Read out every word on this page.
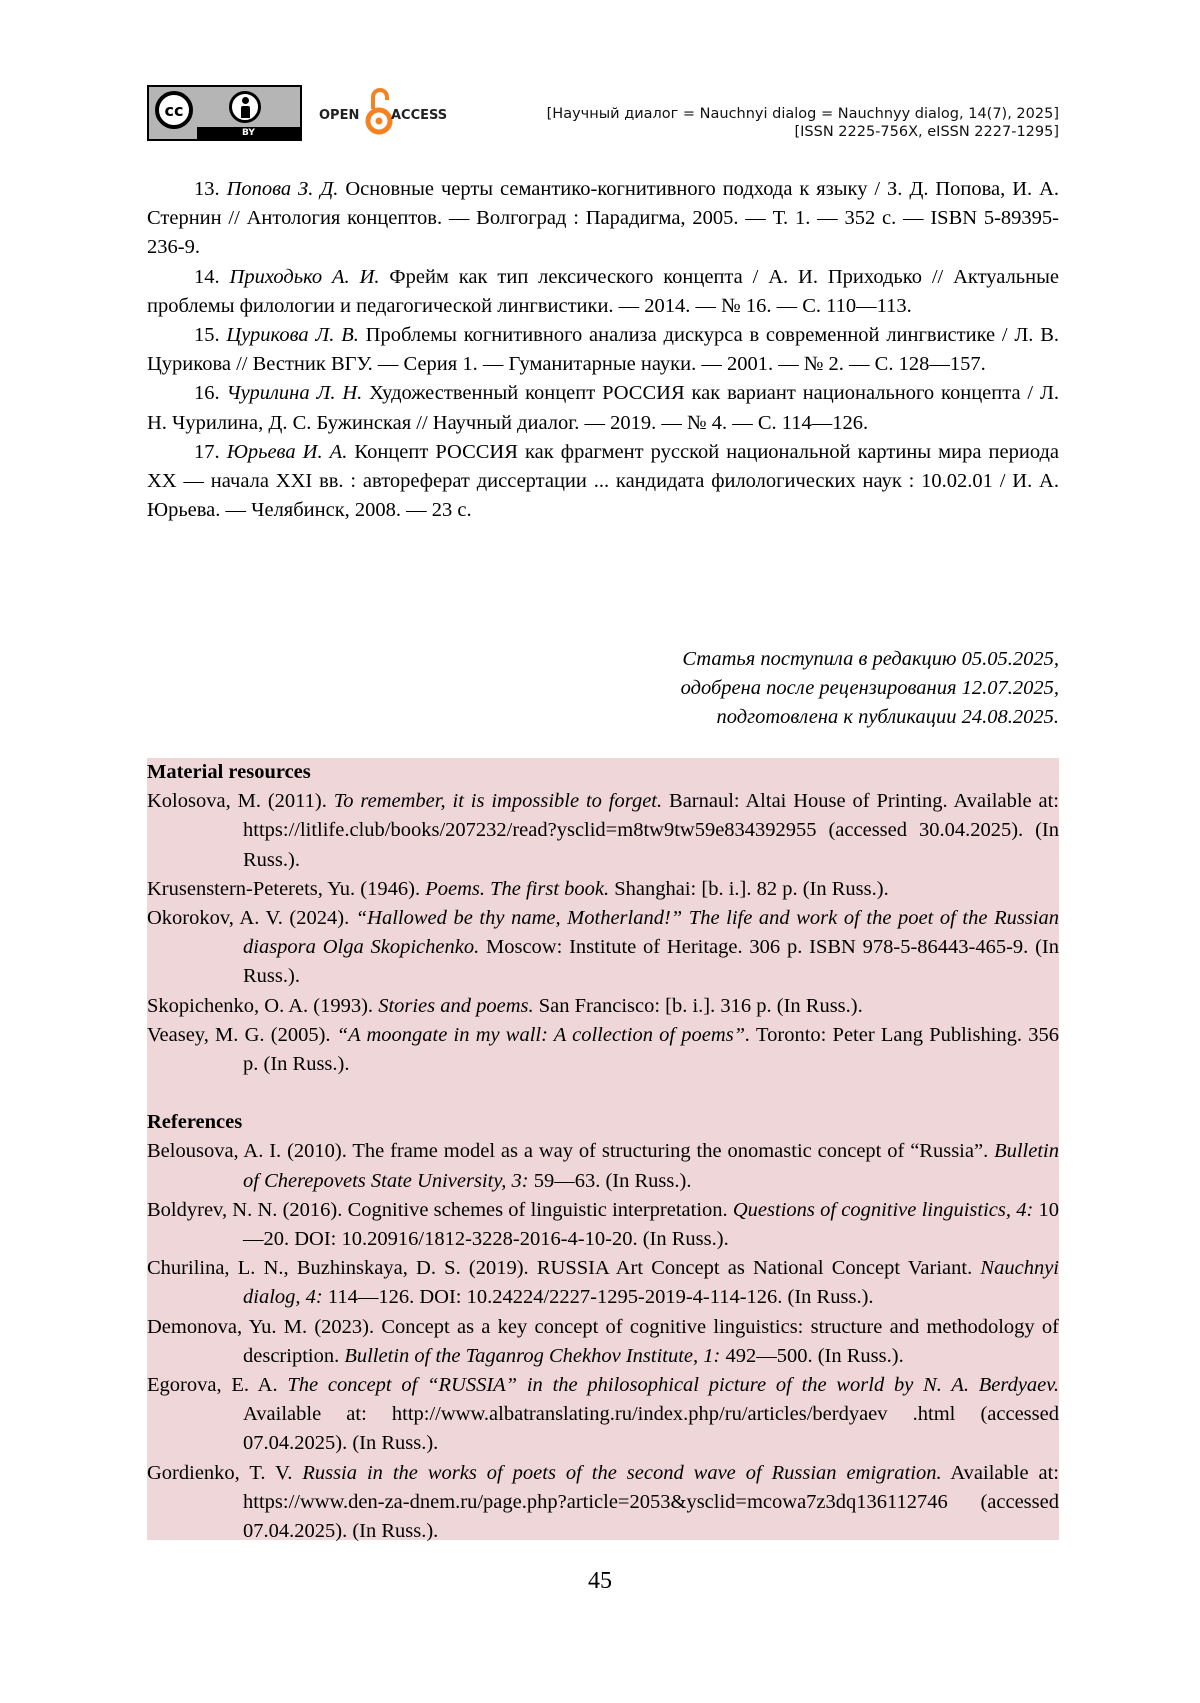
cc
BY
OPEN ACCESS	[Научный диалог = Nauchnyi dialog = Nauchnyy dialog, 14(7), 2025]
[ISSN 2225-756X, eISSN 2227-1295]

13. Попова З. Д. Основные черты семантико-когнитивного подхода к языку / З. Д. Попова, И. А. Стернин // Антология концептов. — Волгоград : Парадигма, 2005. — Т. 1. — 352 с. — ISBN 5-89395-236-9.

14. Приходько А. И. Фрейм как тип лексического концепта / А. И. Приходько // Актуальные проблемы филологии и педагогической лингвистики. — 2014. — № 16. — С. 110—113.

15. Цурикова Л. В. Проблемы когнитивного анализа дискурса в современной лингвистике / Л. В. Цурикова // Вестник ВГУ. — Серия 1. — Гуманитарные науки. — 2001. — № 2. — С. 128—157.

16. Чурилина Л. Н. Художественный концепт РОССИЯ как вариант национального концепта / Л. Н. Чурилина, Д. С. Бужинская // Научный диалог. — 2019. — № 4. — С. 114—126.

17. Юрьева И. А. Концепт РОССИЯ как фрагмент русской национальной картины мира периода XX — начала XXI вв. : автореферат диссертации ... кандидата филологических наук : 10.02.01 / И. А. Юрьева. — Челябинск, 2008. — 23 с.

Статья поступила в редакцию 05.05.2025,
одобрена после рецензирования 12.07.2025,
подготовлена к публикации 24.08.2025.

Material resources

Kolosova, M. (2011). To remember, it is impossible to forget. Barnaul: Altai House of Printing. Available at: https://litlife.club/books/207232/read?ysclid=m8tw9tw59e834392955 (accessed 30.04.2025). (In Russ.).

Krusenstern-Peterets, Yu. (1946). Poems. The first book. Shanghai: [b. i.]. 82 p. (In Russ.).

Okorokov, A. V. (2024). “Hallowed be thy name, Motherland!” The life and work of the poet of the Russian diaspora Olga Skopichenko. Moscow: Institute of Heritage. 306 p. ISBN 978-5-86443-465-9. (In Russ.).

Skopichenko, O. A. (1993). Stories and poems. San Francisco: [b. i.]. 316 p. (In Russ.).

Veasey, M. G. (2005). “A moongate in my wall: A collection of poems”. Toronto: Peter Lang Publishing. 356 p. (In Russ.).

References

Belousova, A. I. (2010). The frame model as a way of structuring the onomastic concept of “Russia”. Bulletin of Cherepovets State University, 3: 59—63. (In Russ.).

Boldyrev, N. N. (2016). Cognitive schemes of linguistic interpretation. Questions of cognitive linguistics, 4: 10—20. DOI: 10.20916/1812-3228-2016-4-10-20. (In Russ.).

Churilina, L. N., Buzhinskaya, D. S. (2019). RUSSIA Art Concept as National Concept Variant. Nauchnyi dialog, 4: 114—126. DOI: 10.24224/2227-1295-2019-4-114-126. (In Russ.).

Demonova, Yu. M. (2023). Concept as a key concept of cognitive linguistics: structure and methodology of description. Bulletin of the Taganrog Chekhov Institute, 1: 492—500. (In Russ.).

Egorova, E. A. The concept of “RUSSIA” in the philosophical picture of the world by N. A. Berdyaev. Available at: http://www.albatranslating.ru/index.php/ru/articles/berdyaev .html (accessed 07.04.2025). (In Russ.).

Gordienko, T. V. Russia in the works of poets of the second wave of Russian emigration. Available at: https://www.den-za-dnem.ru/page.php?article=2053&ysclid=mcowa7z3dq136112746 (accessed 07.04.2025). (In Russ.).

45
